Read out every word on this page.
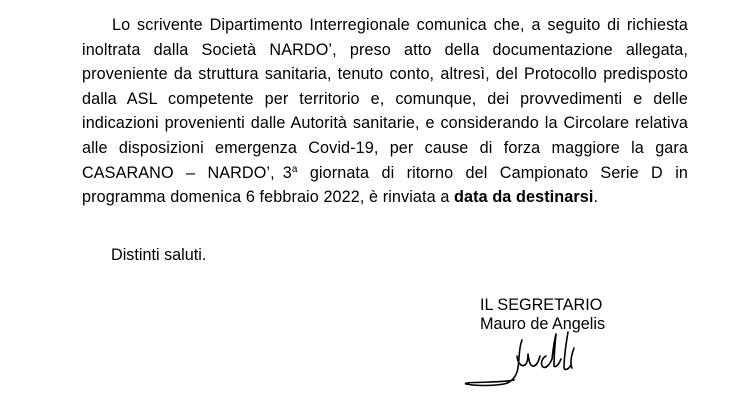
Lo scrivente Dipartimento Interregionale comunica che, a seguito di richiesta inoltrata dalla Società NARDO’, preso atto della documentazione allegata, proveniente da struttura sanitaria, tenuto conto, altresì, del Protocollo predisposto dalla ASL competente per territorio e, comunque, dei provvedimenti e delle indicazioni provenienti dalle Autorità sanitarie, e considerando la Circolare relativa alle disposizioni emergenza Covid-19, per cause di forza maggiore la gara CASARANO – NARDO’, 3$^a$ giornata di ritorno del Campionato Serie D in programma domenica 6 febbraio 2022, è rinviata a data da destinarsi.

Distinti saluti.

IL SEGRETARIO
Mauro de Angelis
